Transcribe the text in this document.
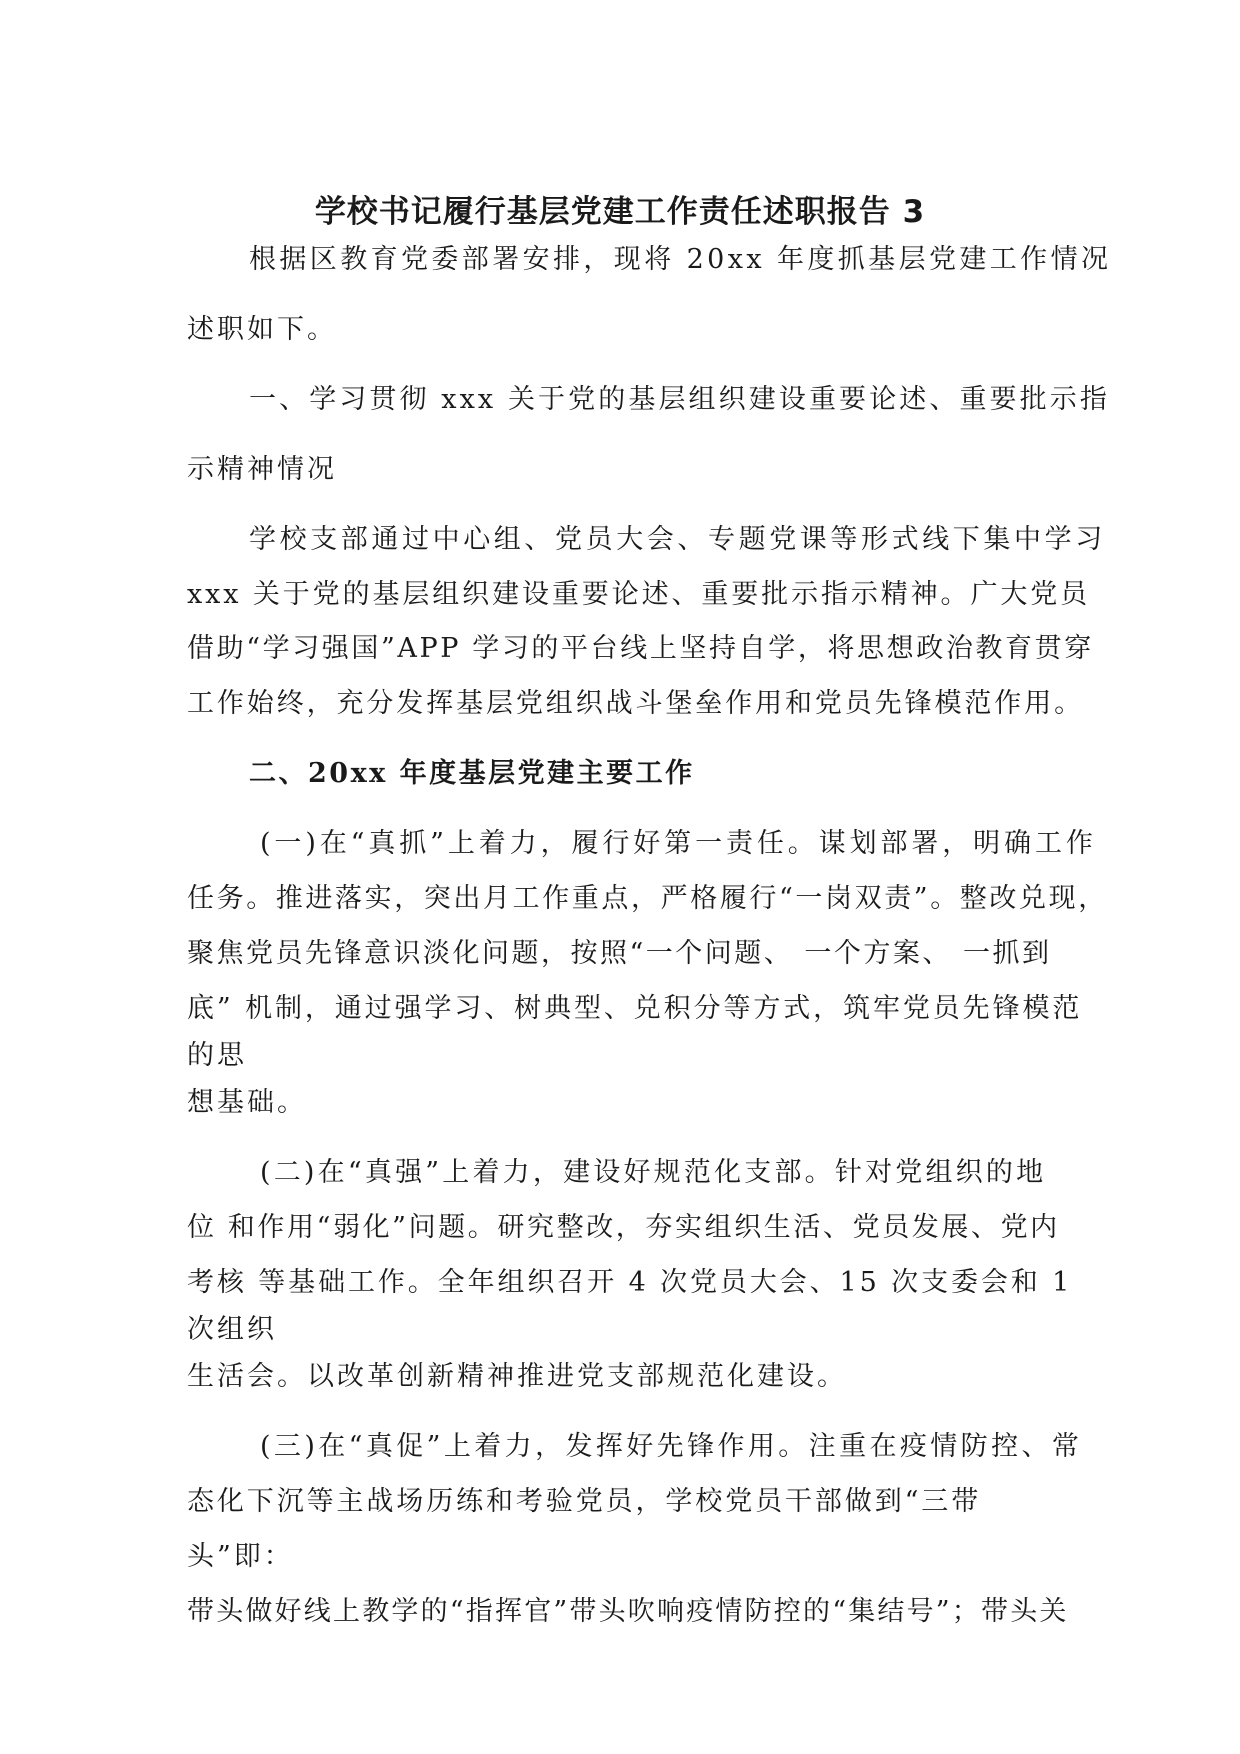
学校书记履行基层党建工作责任述职报告 3

根据区教育党委部署安排，现将 20xx 年度抓基层党建工作情况

述职如下。

一、学习贯彻 xxx 关于党的基层组织建设重要论述、重要批示指

示精神情况

学校支部通过中心组、党员大会、专题党课等形式线下集中学习

xxx 关于党的基层组织建设重要论述、重要批示指示精神。广大党员

借助“学习强国”APP 学习的平台线上坚持自学，将思想政治教育贯穿

工作始终，充分发挥基层党组织战斗堡垒作用和党员先锋模范作用。

二、20xx 年度基层党建主要工作

(一)在“真抓”上着力，履行好第一责任。谋划部署，明确工作

任务。推进落实，突出月工作重点，严格履行“一岗双责”。整改兑现，

聚焦党员先锋意识淡化问题，按照“一个问题、 一个方案、 一抓到

底” 机制，通过强学习、树典型、兑积分等方式，筑牢党员先锋模范

的思

想基础。

(二)在“真强”上着力，建设好规范化支部。针对党组织的地

位 和作用“弱化”问题。研究整改，夯实组织生活、党员发展、党内

考核 等基础工作。全年组织召开 4 次党员大会、15 次支委会和 1

次组织

生活会。以改革创新精神推进党支部规范化建设。

(三)在“真促”上着力，发挥好先锋作用。注重在疫情防控、常

态化下沉等主战场历练和考验党员，学校党员干部做到“三带

头”即：

带头做好线上教学的“指挥官”带头吹响疫情防控的“集结号”；带头关
